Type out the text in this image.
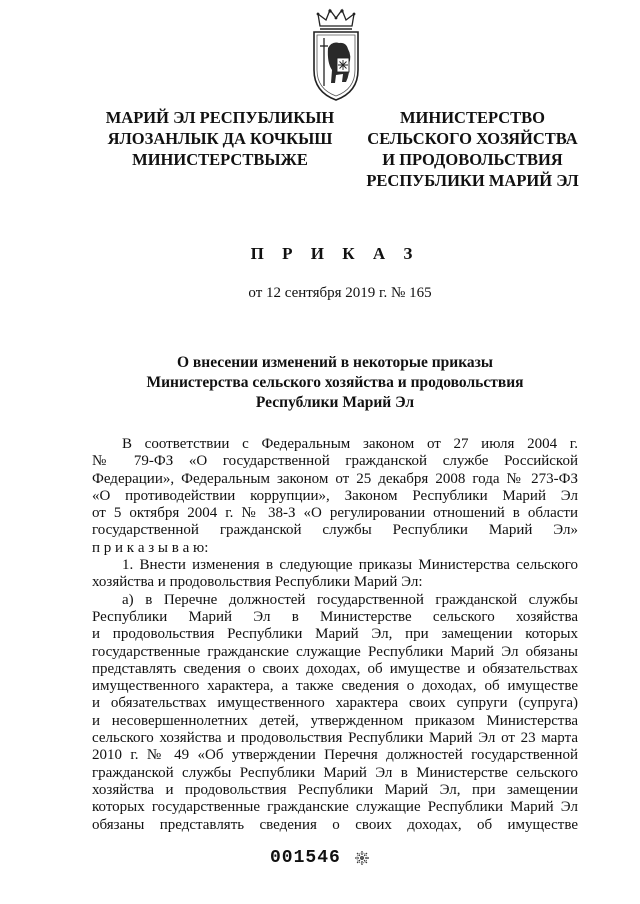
МАРИЙ ЭЛ РЕСПУБЛИКЫН
ЯЛОЗАНЛЫК ДА КОЧКЫШ
МИНИСТЕРСТВЫЖЕ
МИНИСТЕРСТВО
СЕЛЬСКОГО ХОЗЯЙСТВА
И ПРОДОВОЛЬСТВИЯ
РЕСПУБЛИКИ МАРИЙ ЭЛ
П Р И К А З
от 12 сентября 2019 г. № 165
О внесении изменений в некоторые приказы
Министерства сельского хозяйства и продовольствия
Республики Марий Эл
В соответствии с Федеральным законом от 27 июля 2004 г.
№ 79-ФЗ «О государственной гражданской службе Российской
Федерации», Федеральным законом от 25 декабря 2008 года № 273-ФЗ
«О противодействии коррупции», Законом Республики Марий Эл
от 5 октября 2004 г. № 38-З «О регулировании отношений в области
государственной гражданской службы Республики Марий Эл»
п р и к а з ы в а ю:
1. Внести изменения в следующие приказы Министерства сельского
хозяйства и продовольствия Республики Марий Эл:
а) в Перечне должностей государственной гражданской службы
Республики Марий Эл в Министерстве сельского хозяйства
и продовольствия Республики Марий Эл, при замещении которых
государственные гражданские служащие Республики Марий Эл обязаны
представлять сведения о своих доходах, об имуществе и обязательствах
имущественного характера, а также сведения о доходах, об имуществе
и обязательствах имущественного характера своих супруги (супруга)
и несовершеннолетних детей, утвержденном приказом Министерства
сельского хозяйства и продовольствия Республики Марий Эл от 23 марта
2010 г. № 49 «Об утверждении Перечня должностей государственной
гражданской службы Республики Марий Эл в Министерстве сельского
хозяйства и продовольствия Республики Марий Эл, при замещении
которых государственные гражданские служащие Республики Марий Эл
обязаны представлять сведения о своих доходах, об имуществе
001546
